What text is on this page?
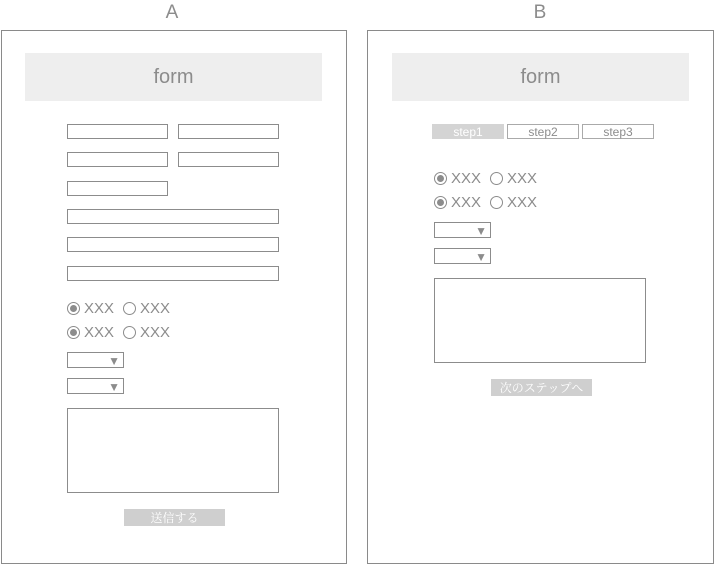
A	B
form
XXX XXX
XXX XXX
▼
▼
送信する
form
step1	step2	step3
XXX XXX
XXX XXX
▼
▼
次のステップへ
